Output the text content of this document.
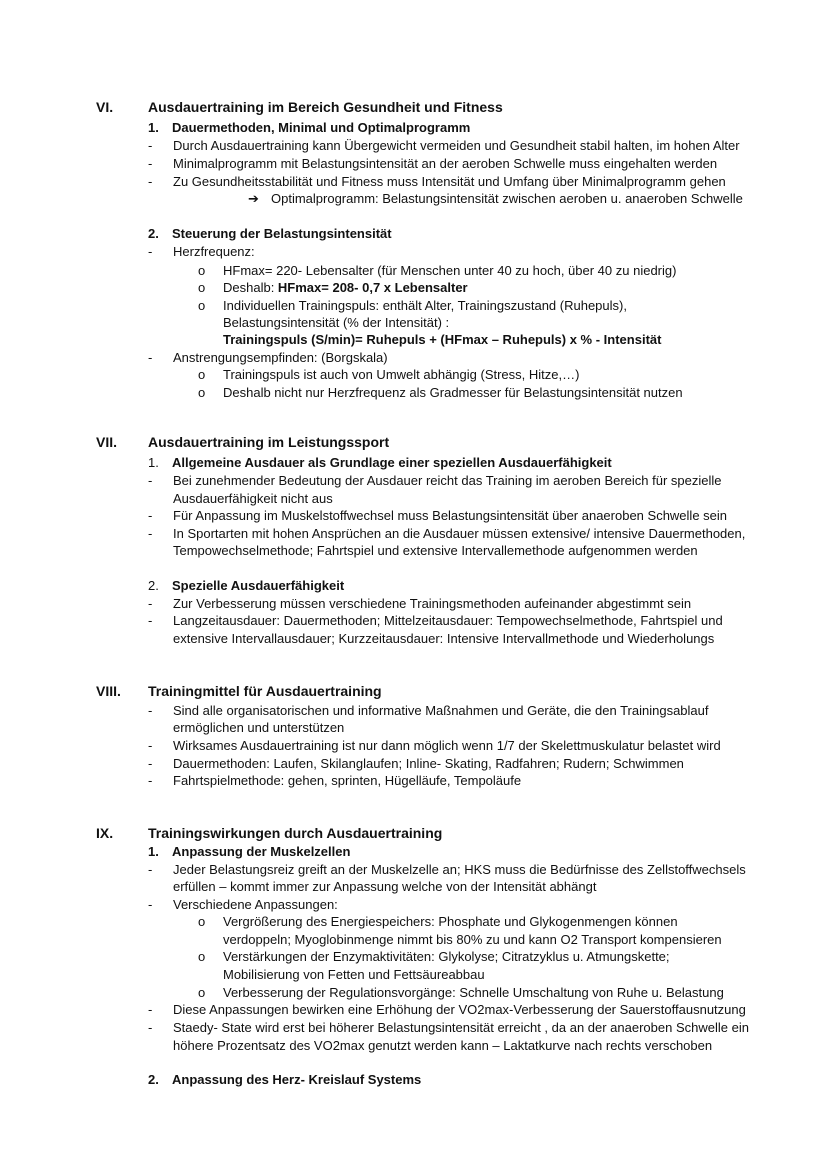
VI.	Ausdauertraining im Bereich Gesundheit und Fitness
1. Dauermethoden, Minimal und Optimalprogramm
- Durch Ausdauertraining kann Übergewicht vermeiden und Gesundheit stabil halten, im hohen Alter
- Minimalprogramm mit Belastungsintensität an der aeroben Schwelle muss eingehalten werden
- Zu Gesundheitsstabilität und Fitness muss Intensität und Umfang über Minimalprogramm gehen
➔ Optimalprogramm: Belastungsintensität zwischen aeroben u. anaeroben Schwelle
2. Steuerung der Belastungsintensität
- Herzfrequenz:
o HFmax= 220- Lebensalter (für Menschen unter 40 zu hoch, über 40 zu niedrig)
o Deshalb: HFmax= 208- 0,7 x Lebensalter
o Individuellen Trainingspuls: enthält Alter, Trainingszustand (Ruhepuls),
Belastungsintensität (% der Intensität) :
Trainingspuls (S/min)= Ruhepuls + (HFmax – Ruhepuls) x % - Intensität
- Anstrengungsempfinden: (Borgskala)
o Trainingspuls ist auch von Umwelt abhängig (Stress, Hitze,…)
o Deshalb nicht nur Herzfrequenz als Gradmesser für Belastungsintensität nutzen
VII.	Ausdauertraining im Leistungssport
1. Allgemeine Ausdauer als Grundlage einer speziellen Ausdauerfähigkeit
- Bei zunehmender Bedeutung der Ausdauer reicht das Training im aeroben Bereich für spezielle
Ausdauerfähigkeit nicht aus
- Für Anpassung im Muskelstoffwechsel muss Belastungsintensität über anaeroben Schwelle sein
- In Sportarten mit hohen Ansprüchen an die Ausdauer müssen extensive/ intensive Dauermethoden,
Tempowechselmethode; Fahrtspiel und extensive Intervallemethode aufgenommen werden
2. Spezielle Ausdauerfähigkeit
- Zur Verbesserung müssen verschiedene Trainingsmethoden aufeinander abgestimmt sein
- Langzeitausdauer: Dauermethoden; Mittelzeitausdauer: Tempowechselmethode, Fahrtspiel und
extensive Intervallausdauer; Kurzzeitausdauer: Intensive Intervallmethode und Wiederholungs
VIII.	Trainingmittel für Ausdauertraining
- Sind alle organisatorischen und informative Maßnahmen und Geräte, die den Trainingsablauf
ermöglichen und unterstützen
- Wirksames Ausdauertraining ist nur dann möglich wenn 1/7 der Skelettmuskulatur belastet wird
- Dauermethoden: Laufen, Skilanglaufen; Inline- Skating, Radfahren; Rudern; Schwimmen
- Fahrtspielmethode: gehen, sprinten, Hügelläufe, Tempoläufe
IX.	Trainingswirkungen durch Ausdauertraining
1. Anpassung der Muskelzellen
- Jeder Belastungsreiz greift an der Muskelzelle an; HKS muss die Bedürfnisse des Zellstoffwechsels
erfüllen – kommt immer zur Anpassung welche von der Intensität abhängt
- Verschiedene Anpassungen:
o Vergrößerung des Energiespeichers: Phosphate und Glykogenmengen können
verdoppeln; Myoglobinmenge nimmt bis 80% zu und kann O2 Transport kompensieren
o Verstärkungen der Enzymaktivitäten: Glykolyse; Citratzyklus u. Atmungskette;
Mobilisierung von Fetten und Fettsäureabbau
o Verbesserung der Regulationsvorgänge: Schnelle Umschaltung von Ruhe u. Belastung
- Diese Anpassungen bewirken eine Erhöhung der VO2max-Verbesserung der Sauerstoffausnutzung
- Staedy- State wird erst bei höherer Belastungsintensität erreicht , da an der anaeroben Schwelle ein
höhere Prozentsatz des VO2max genutzt werden kann – Laktatkurve nach rechts verschoben
2. Anpassung des Herz- Kreislauf Systems
